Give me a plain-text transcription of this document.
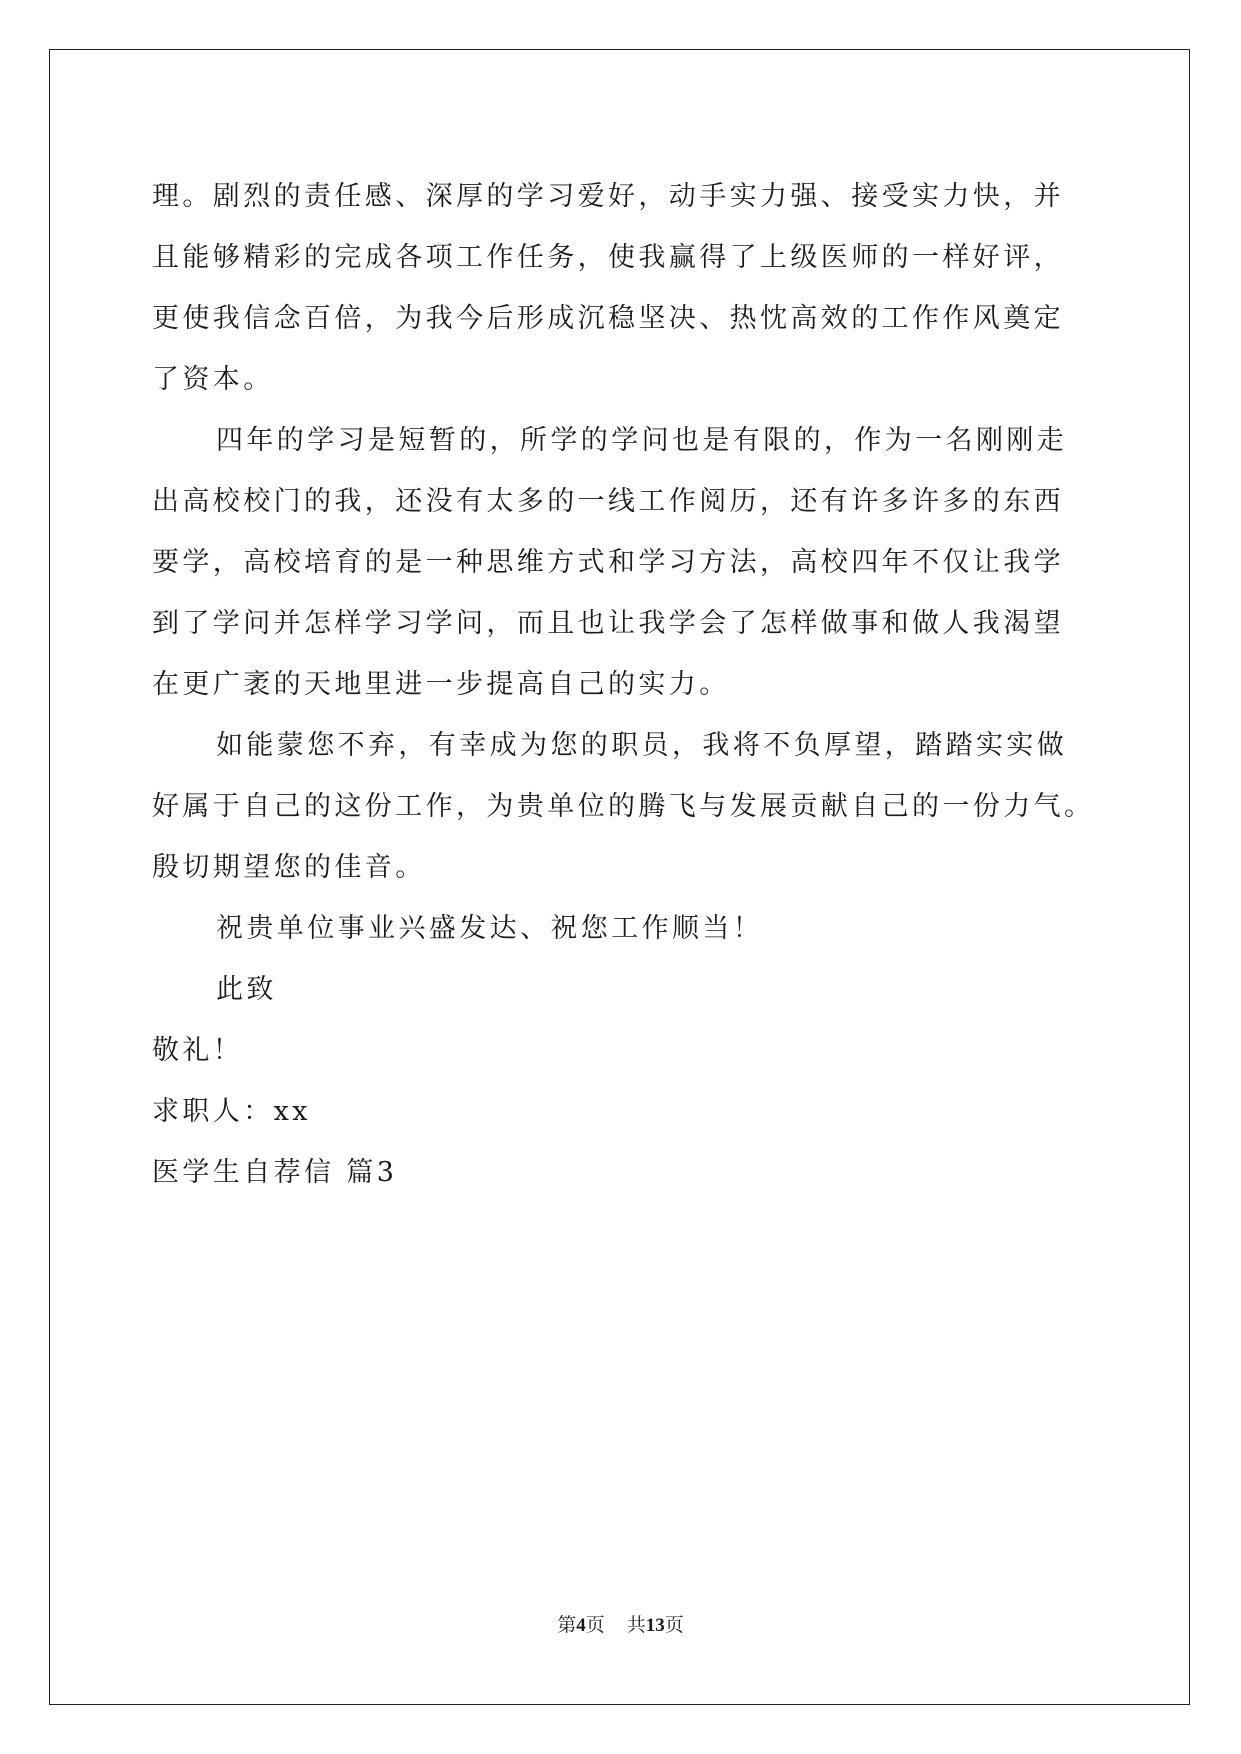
理。剧烈的责任感、深厚的学习爱好，动手实力强、接受实力快，并
且能够精彩的完成各项工作任务，使我赢得了上级医师的一样好评，
更使我信念百倍，为我今后形成沉稳坚决、热忱高效的工作作风奠定
了资本。
四年的学习是短暂的，所学的学问也是有限的，作为一名刚刚走
出高校校门的我，还没有太多的一线工作阅历，还有许多许多的东西
要学，高校培育的是一种思维方式和学习方法，高校四年不仅让我学
到了学问并怎样学习学问，而且也让我学会了怎样做事和做人我渴望
在更广袤的天地里进一步提高自己的实力。
如能蒙您不弃，有幸成为您的职员，我将不负厚望，踏踏实实做
好属于自己的这份工作，为贵单位的腾飞与发展贡献自己的一份力气。
殷切期望您的佳音。
祝贵单位事业兴盛发达、祝您工作顺当！
此致
敬礼！
求职人：xx
医学生自荐信 篇3
第4页 共13页
